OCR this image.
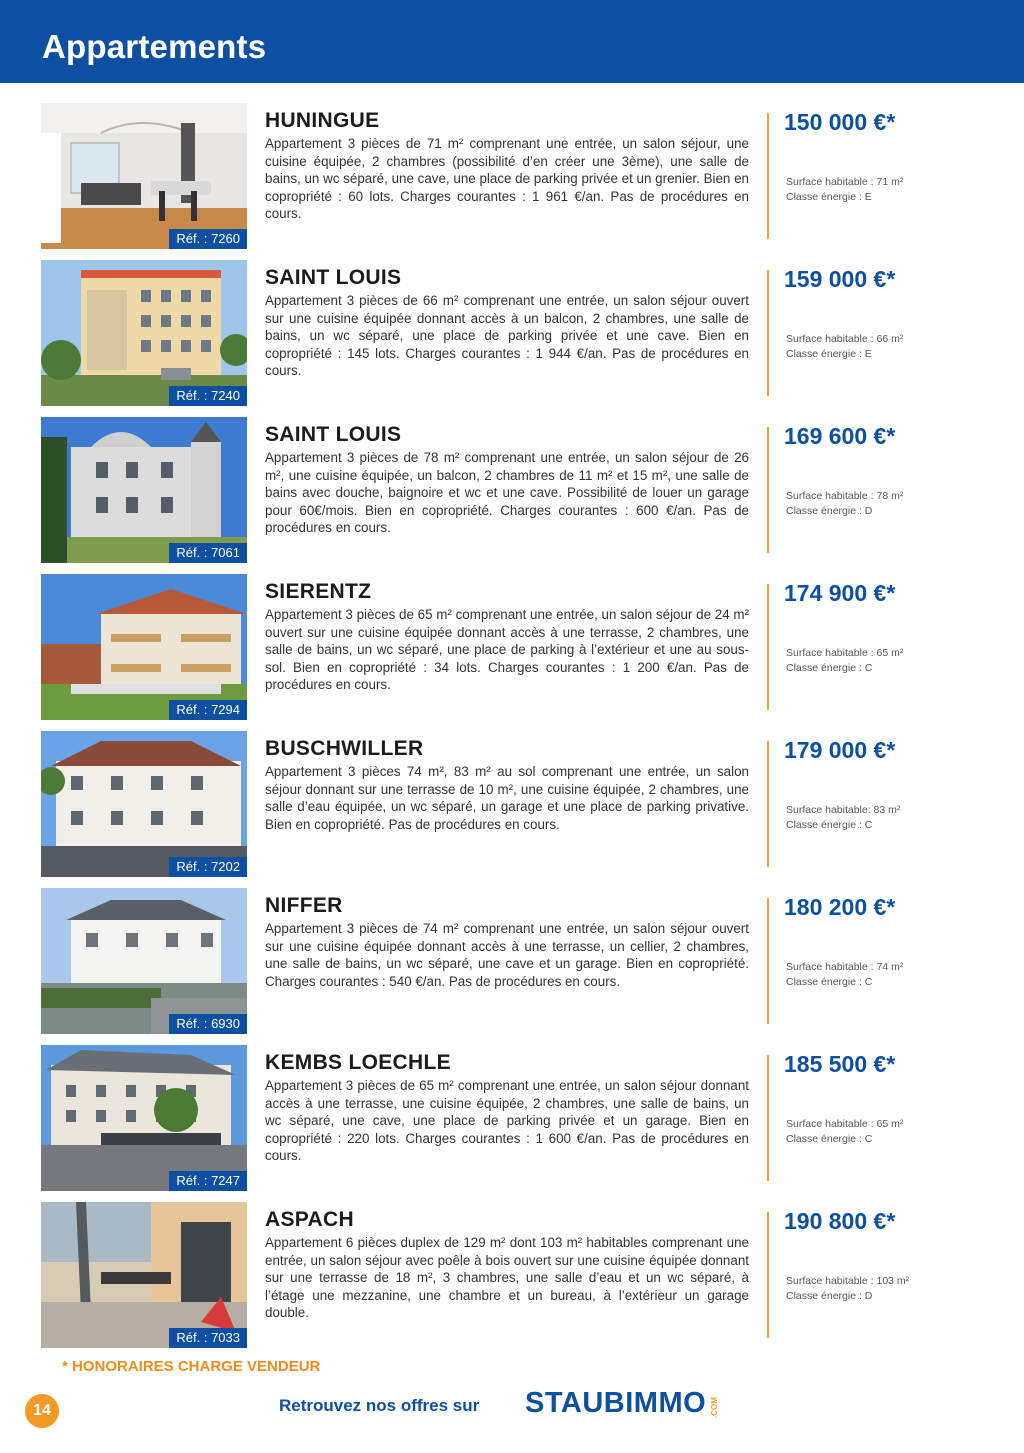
Appartements
Réf. : 7260
HUNINGUE
Appartement 3 pièces de 71 m² comprenant une entrée, un salon séjour, une cuisine équipée, 2 chambres (possibilité d’en créer une 3ème), une salle de bains, un wc séparé, une cave, une place de parking privée et un grenier. Bien en copropriété : 60 lots. Charges courantes : 1 961 €/an. Pas de procédures en cours.
150 000 €*
Surface habitable : 71 m²
Classe énergie : E
Réf. : 7240
SAINT LOUIS
Appartement 3 pièces de 66 m² comprenant une entrée, un salon séjour ouvert sur une cuisine équipée donnant accès à un balcon, 2 chambres, une salle de bains, un wc séparé, une place de parking privée et une cave. Bien en copropriété : 145 lots. Charges courantes : 1 944 €/an. Pas de procédures en cours.
159 000 €*
Surface habitable : 66 m²
Classe énergie : E
Réf. : 7061
SAINT LOUIS
Appartement 3 pièces de 78 m² comprenant une entrée, un salon séjour de 26 m², une cuisine équipée, un balcon, 2 chambres de 11 m² et 15 m², une salle de bains avec douche, baignoire et wc et une cave. Possibilité de louer un garage pour 60€/mois. Bien en copropriété. Charges courantes : 600 €/an. Pas de procédures en cours.
169 600 €*
Surface habitable : 78 m²
Classe énergie : D
Réf. : 7294
SIERENTZ
Appartement 3 pièces de 65 m² comprenant une entrée, un salon séjour de 24 m² ouvert sur une cuisine équipée donnant accès à une terrasse, 2 chambres, une salle de bains, un wc séparé, une place de parking à l’extérieur et une au sous-sol. Bien en copropriété : 34 lots. Charges courantes : 1 200 €/an. Pas de procédures en cours.
174 900 €*
Surface habitable : 65 m²
Classe énergie : C
Réf. : 7202
BUSCHWILLER
Appartement 3 pièces 74 m², 83 m² au sol comprenant une entrée, un salon séjour donnant sur une terrasse de 10 m², une cuisine équipée, 2 chambres, une salle d’eau équipée, un wc séparé, un garage et une place de parking privative. Bien en copropriété. Pas de procédures en cours.
179 000 €*
Surface habitable: 83 m²
Classe énergie : C
Réf. : 6930
NIFFER
Appartement 3 pièces de 74 m² comprenant une entrée, un salon séjour ouvert sur une cuisine équipée donnant accès à une terrasse, un cellier, 2 chambres, une salle de bains, un wc séparé, une cave et un garage. Bien en copropriété. Charges courantes : 540 €/an. Pas de procédures en cours.
180 200 €*
Surface habitable : 74 m²
Classe énergie : C
Réf. : 7247
KEMBS LOECHLE
Appartement 3 pièces de 65 m² comprenant une entrée, un salon séjour donnant accès à une terrasse, une cuisine équipée, 2 chambres, une salle de bains, un wc séparé, une cave, une place de parking privée et un garage. Bien en copropriété : 220 lots. Charges courantes : 1 600 €/an. Pas de procédures en cours.
185 500 €*
Surface habitable : 65 m²
Classe énergie : C
Réf. : 7033
ASPACH
Appartement 6 pièces duplex de 129 m² dont 103 m² habitables comprenant une entrée, un salon séjour avec poêle à bois ouvert sur une cuisine équipée donnant sur une terrasse de 18 m², 3 chambres, une salle d’eau et un wc séparé, à l’étage une mezzanine, une chambre et un bureau, à l’extérieur un garage double.
190 800 €*
Surface habitable : 103 m²
Classe énergie : D
* HONORAIRES CHARGE VENDEUR
14	Retrouvez nos offres sur STAUBIMMO .COM
